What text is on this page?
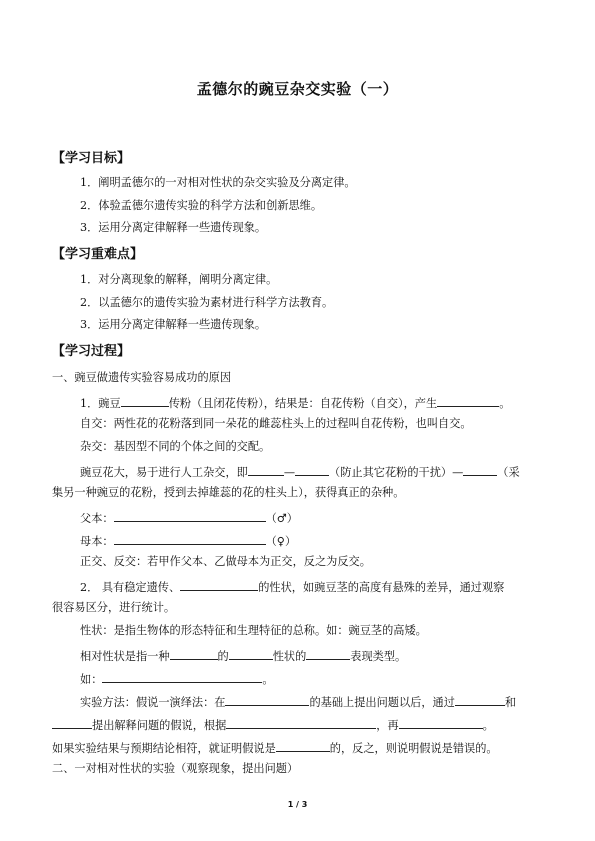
孟德尔的豌豆杂交实验（一）
【学习目标】
1．阐明孟德尔的一对相对性状的杂交实验及分离定律。
2．体验孟德尔遗传实验的科学方法和创新思维。
3．运用分离定律解释一些遗传现象。
【学习重难点】
1．对分离现象的解释，阐明分离定律。
2．以孟德尔的遗传实验为素材进行科学方法教育。
3．运用分离定律解释一些遗传现象。
【学习过程】
一、豌豆做遗传实验容易成功的原因
1．豌豆	传粉（且闭花传粉），结果是：自花传粉（自交），产生	。
自交：两性花的花粉落到同一朵花的雌蕊柱头上的过程叫自花传粉，也叫自交。
杂交：基因型不同的个体之间的交配。
豌豆花大，易于进行人工杂交，即	—	（防止其它花粉的干扰）—	（采
集另一种豌豆的花粉，授到去掉雄蕊的花的柱头上），获得真正的杂种。
父本：	（♂）
母本：	（♀）
正交、反交：若甲作父本、乙做母本为正交，反之为反交。
2． 具有稳定遗传、	的性状，如豌豆茎的高度有悬殊的差异，通过观察
很容易区分，进行统计。
性状：是指生物体的形态特征和生理特征的总称。如：豌豆茎的高矮。
相对性状是指一种	的	性状的	表现类型。
如：	。
实验方法：假说一演绎法：在	的基础上提出问题以后，通过	和
提出解释问题的假说，根据	，再	。
如果实验结果与预期结论相符，就证明假说是	的，反之，则说明假说是错误的。
二、一对相对性状的实验（观察现象，提出问题）
1 / 3
